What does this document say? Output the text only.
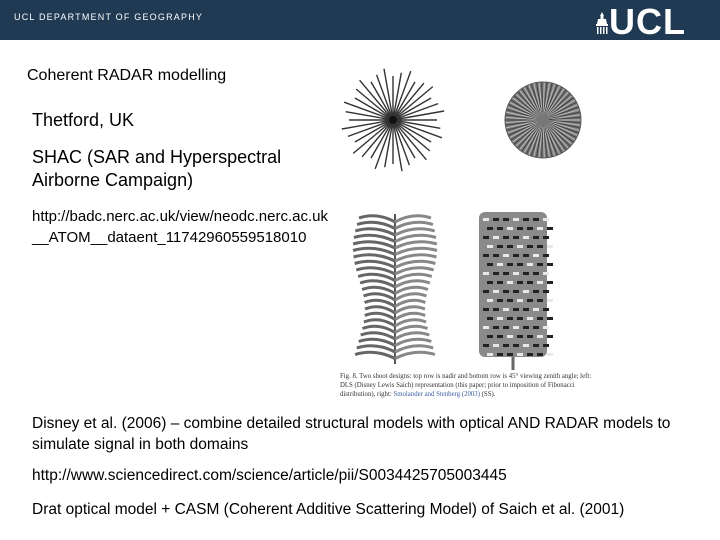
UCL DEPARTMENT OF GEOGRAPHY	UCL

Coherent RADAR modelling

Thetford, UK

SHAC (SAR and Hyperspectral Airborne Campaign)

http://badc.nerc.ac.uk/view/neodc.nerc.ac.uk__ATOM__dataent_11742960559518010

Fig. 8. Two shoot designs: top row is nadir and bottom row is 45° viewing zenith angle; left: DLS (Disney Lewis Saich) representation (this paper; prior to imposition of Fibonacci distribution), right: Smolander and Stenberg (2003) (SS).

Disney et al. (2006) – combine detailed structural models with optical AND RADAR models to simulate signal in both domains

http://www.sciencedirect.com/science/article/pii/S0034425705003445

Drat optical model + CASM (Coherent Additive Scattering Model) of Saich et al. (2001)
